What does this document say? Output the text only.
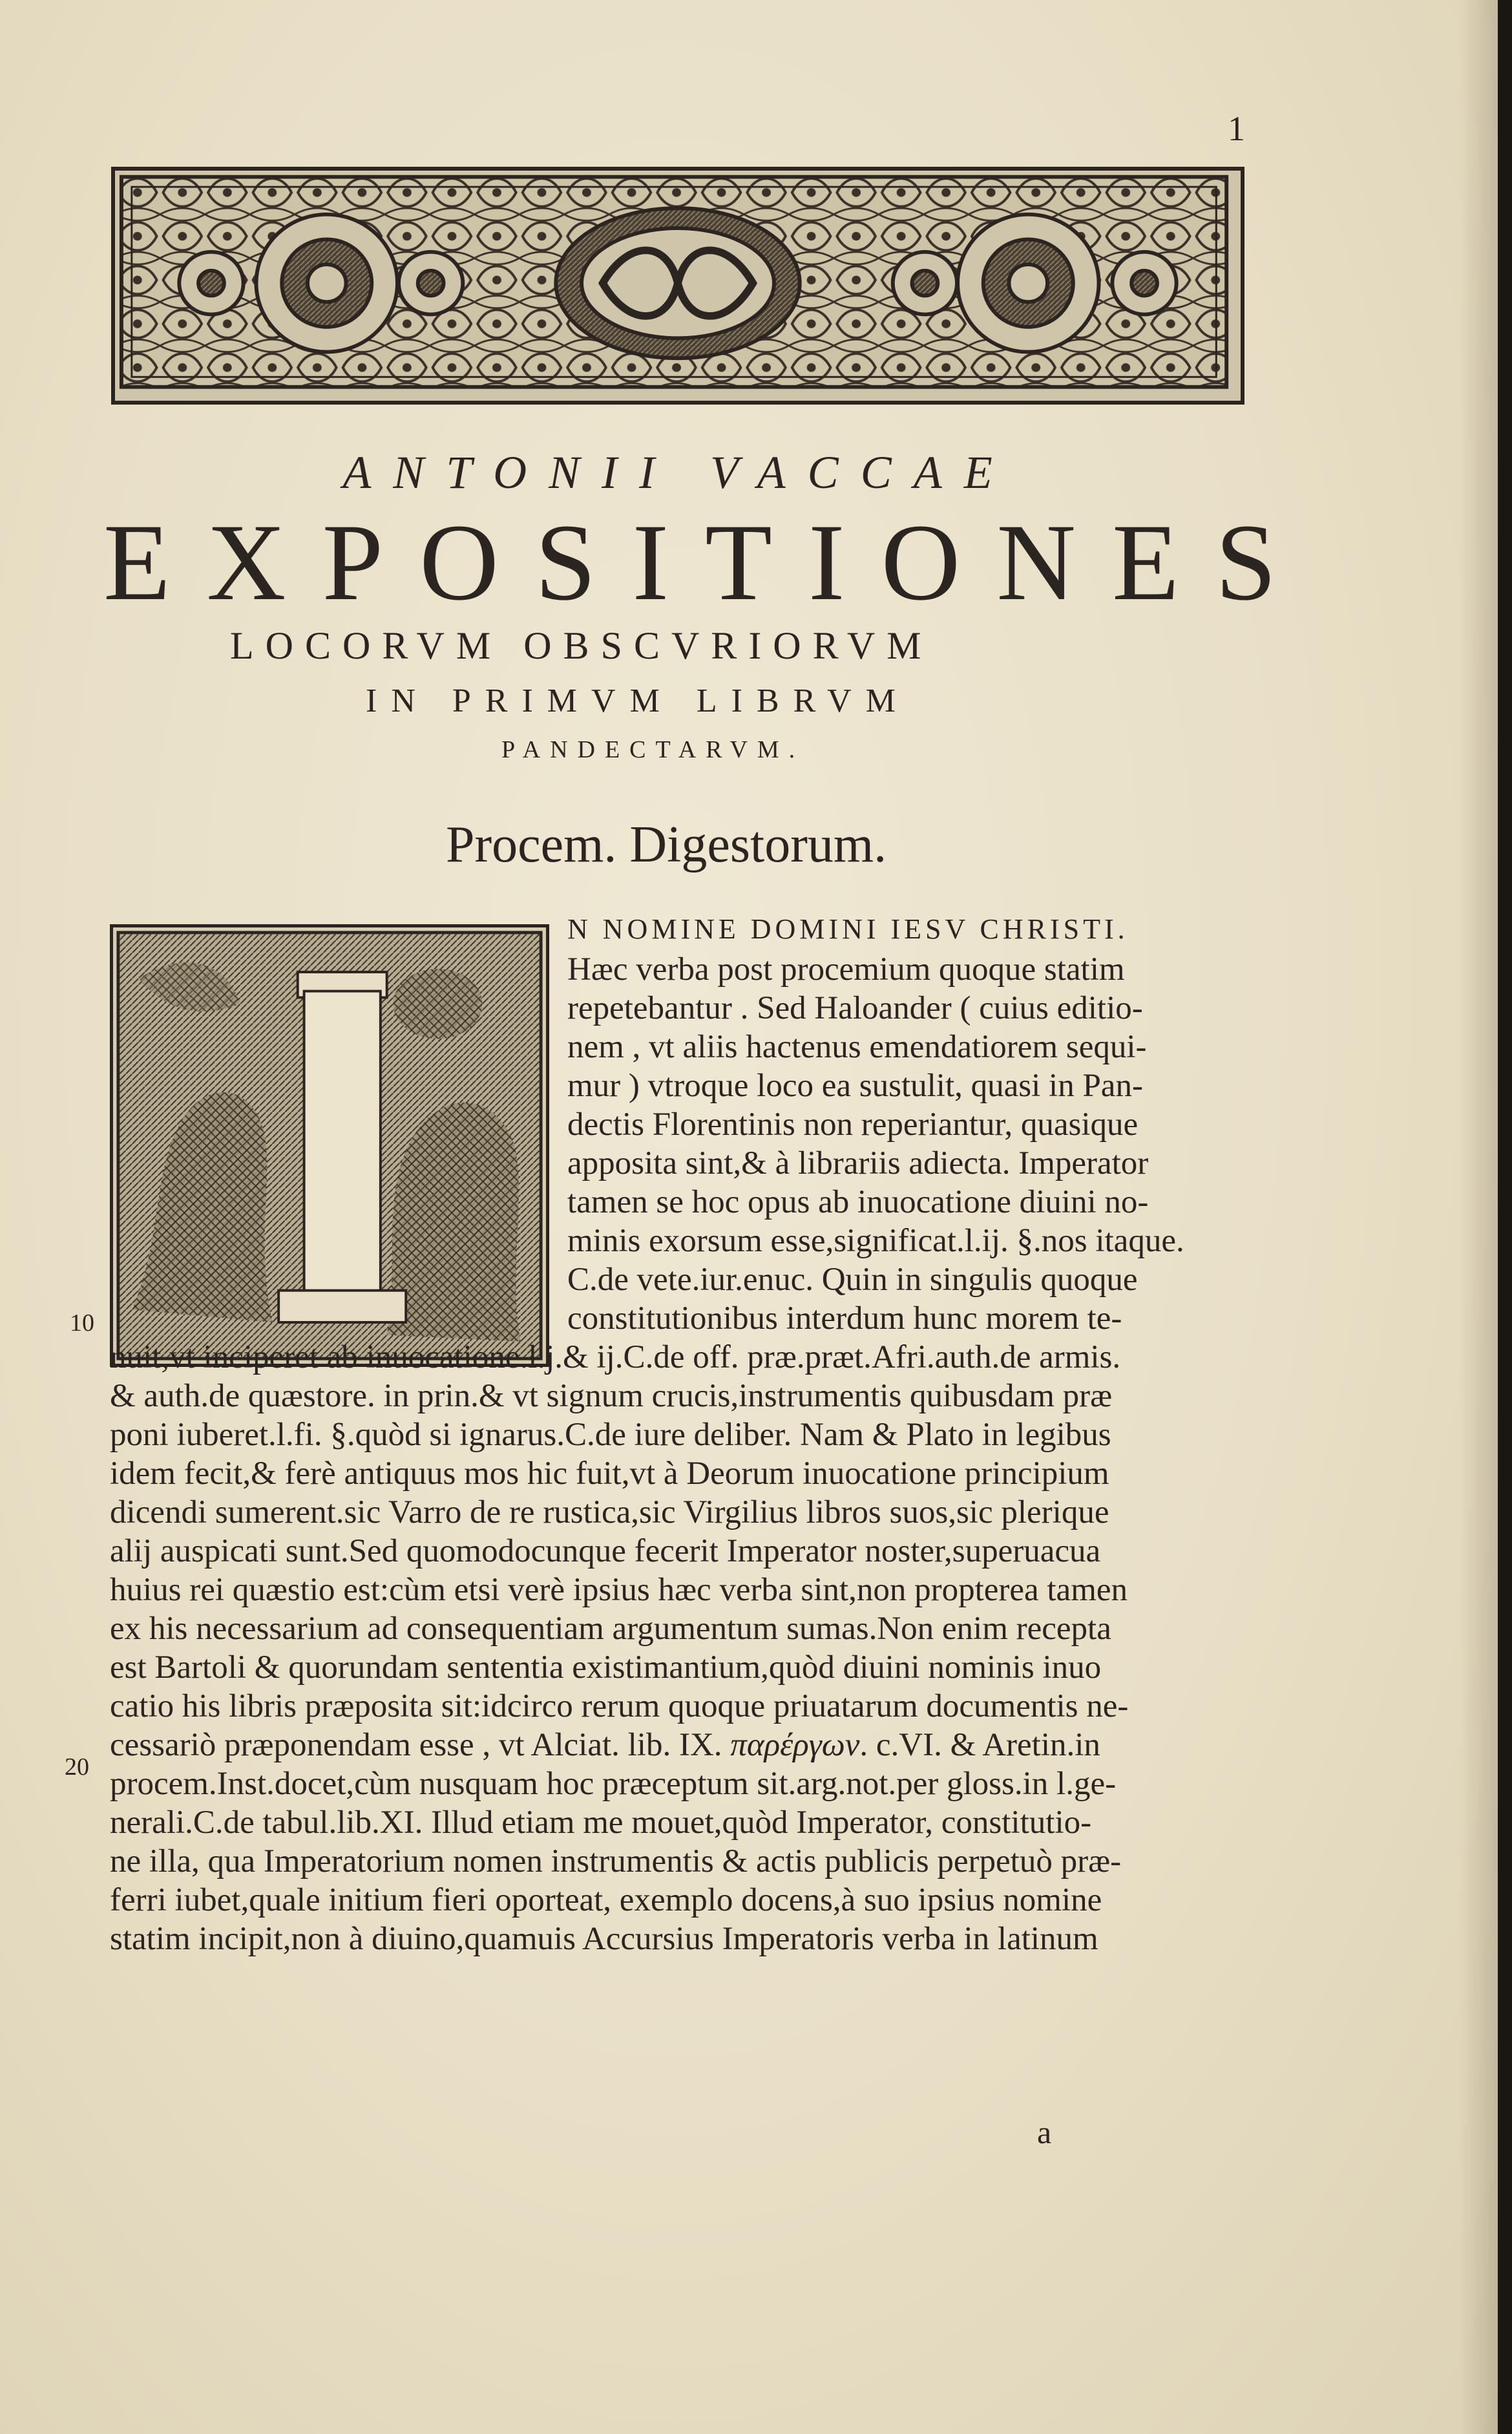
1
ANTONII VACCAE
EXPOSITIONES
LOCORVM OBSCVRIORVM
IN PRIMVM LIBRVM
PANDECTARVM.
Procem. Digestorum.
N NOMINE DOMINI IESV CHRISTI.
Hæc verba post procemium quoque statim
repetebantur . Sed Haloander ( cuius editio-
nem , vt aliis hactenus emendatiorem sequi-
mur ) vtroque loco ea sustulit, quasi in Pan-
dectis Florentinis non reperiantur, quasique
apposita sint,& à librariis adiecta. Imperator
tamen se hoc opus ab inuocatione diuini no-
minis exorsum esse,significat.l.ij. §.nos itaque.
C.de vete.iur.enuc. Quin in singulis quoque
constitutionibus interdum hunc morem te-
10
nuit,vt inciperet ab inuocatione.l.j.& ij.C.de off. præ.præt.Afri.auth.de armis.
& auth.de quæstore. in prin.& vt signum crucis,instrumentis quibusdam præ
poni iuberet.l.fi. §.quòd si ignarus.C.de iure deliber. Nam & Plato in legibus
idem fecit,& ferè antiquus mos hic fuit,vt à Deorum inuocatione principium
dicendi sumerent.sic Varro de re rustica,sic Virgilius libros suos,sic plerique
alij auspicati sunt.Sed quomodocunque fecerit Imperator noster,superuacua
huius rei quæstio est:cùm etsi verè ipsius hæc verba sint,non propterea tamen
ex his necessarium ad consequentiam argumentum sumas.Non enim recepta
20
est Bartoli & quorundam sententia existimantium,quòd diuini nominis inuo
catio his libris præposita sit:idcirco rerum quoque priuatarum documentis ne-
cessariò præponendam esse , vt Alciat. lib. IX. παρέργων. c.VI. & Aretin.in
procem.Inst.docet,cùm nusquam hoc præceptum sit.arg.not.per gloss.in l.ge-
nerali.C.de tabul.lib.XI. Illud etiam me mouet,quòd Imperator, constitutio-
ne illa, qua Imperatorium nomen instrumentis & actis publicis perpetuò præ-
ferri iubet,quale initium fieri oporteat, exemplo docens,à suo ipsius nomine
statim incipit,non à diuino,quamuis Accursius Imperatoris verba in latinum
a
